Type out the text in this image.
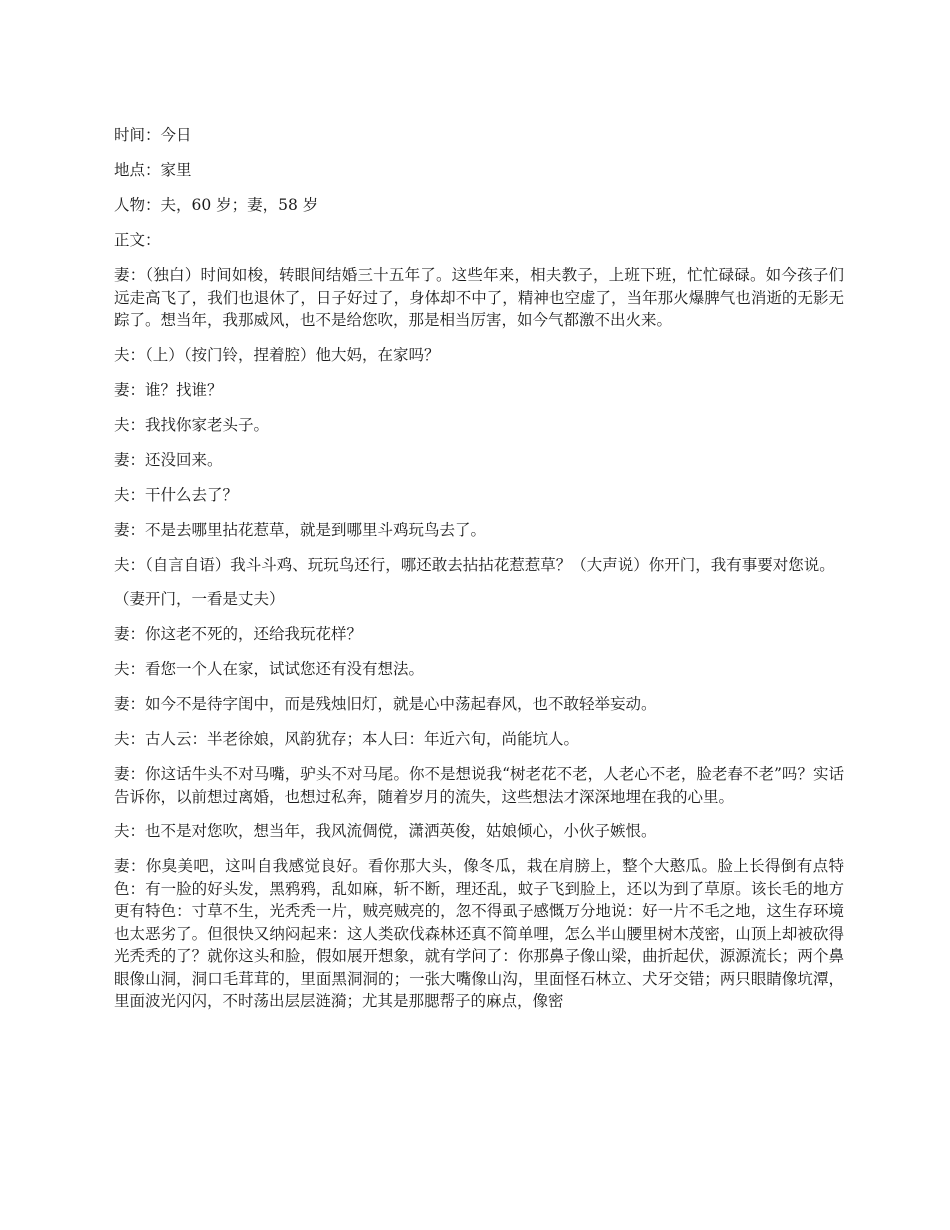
时间：今日

地点：家里

人物：夫，60 岁；妻，58 岁

正文：

妻：（独白）时间如梭，转眼间结婚三十五年了。这些年来，相夫教子，上班下班，忙忙碌碌。如今孩子们远走高飞了，我们也退休了，日子好过了，身体却不中了，精神也空虚了，当年那火爆脾气也消逝的无影无踪了。想当年，我那威风，也不是给您吹，那是相当厉害，如今气都激不出火来。

夫：（上）（按门铃，捏着腔）他大妈，在家吗？

妻：谁？找谁？

夫：我找你家老头子。

妻：还没回来。

夫：干什么去了？

妻：不是去哪里拈花惹草，就是到哪里斗鸡玩鸟去了。

夫：（自言自语）我斗斗鸡、玩玩鸟还行，哪还敢去拈拈花惹惹草？（大声说）你开门，我有事要对您说。

（妻开门，一看是丈夫）

妻：你这老不死的，还给我玩花样？

夫：看您一个人在家，试试您还有没有想法。

妻：如今不是待字闺中，而是残烛旧灯，就是心中荡起春风，也不敢轻举妄动。

夫：古人云：半老徐娘，风韵犹存；本人曰：年近六旬，尚能坑人。

妻：你这话牛头不对马嘴，驴头不对马尾。你不是想说我“树老花不老，人老心不老，脸老春不老”吗？实话告诉你，以前想过离婚，也想过私奔，随着岁月的流失，这些想法才深深地埋在我的心里。

夫：也不是对您吹，想当年，我风流倜傥，潇洒英俊，姑娘倾心，小伙子嫉恨。

妻：你臭美吧，这叫自我感觉良好。看你那大头，像冬瓜，栽在肩膀上，整个大憨瓜。脸上长得倒有点特色：有一脸的好头发，黑鸦鸦，乱如麻，斩不断，理还乱，蚊子飞到脸上，还以为到了草原。该长毛的地方更有特色：寸草不生，光秃秃一片，贼亮贼亮的，忽不得虱子感慨万分地说：好一片不毛之地，这生存环境也太恶劣了。但很快又纳闷起来：这人类砍伐森林还真不简单哩，怎么半山腰里树木茂密，山顶上却被砍得光秃秃的了？就你这头和脸，假如展开想象，就有学问了：你那鼻子像山梁，曲折起伏，源源流长；两个鼻眼像山洞，洞口毛茸茸的，里面黑洞洞的；一张大嘴像山沟，里面怪石林立、犬牙交错；两只眼睛像坑潭，里面波光闪闪，不时荡出层层涟漪；尤其是那腮帮子的麻点，像密
